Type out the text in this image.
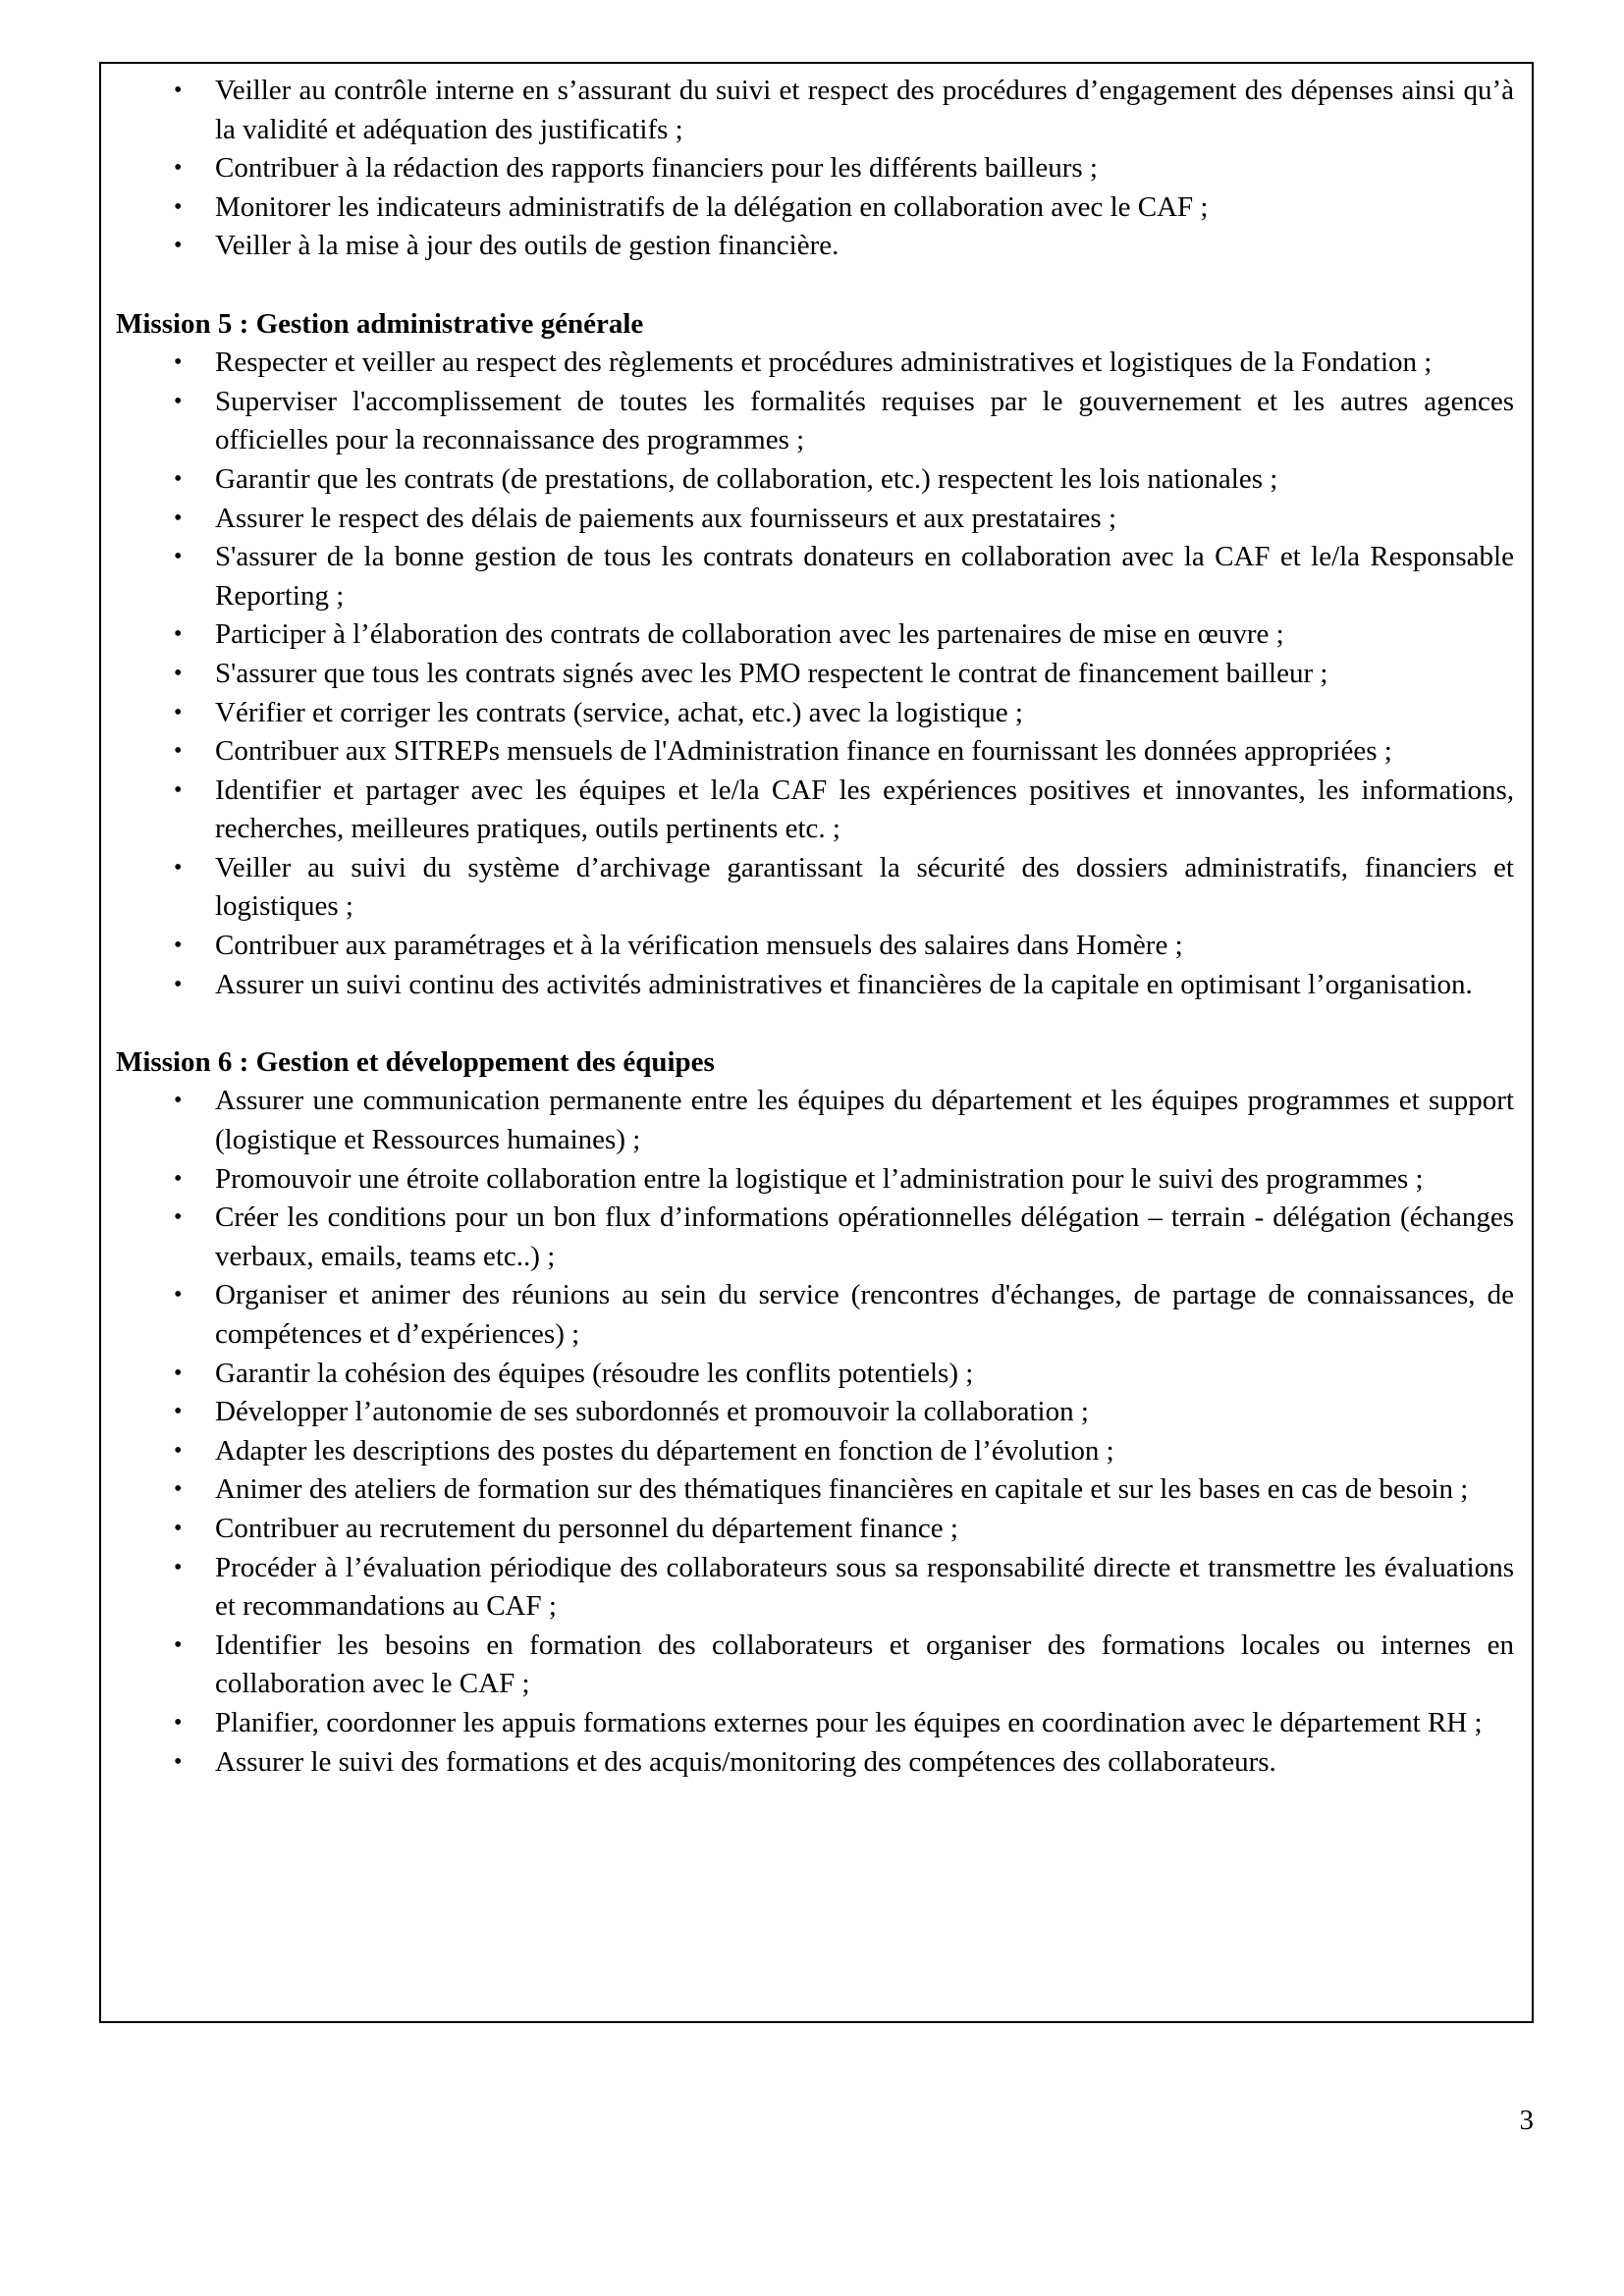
•	Veiller au contrôle interne en s’assurant du suivi et respect des procédures d’engagement des dépenses ainsi qu’à la validité et adéquation des justificatifs ;
•	Contribuer à la rédaction des rapports financiers pour les différents bailleurs ;
•	Monitorer les indicateurs administratifs de la délégation en collaboration avec le CAF ;
•	Veiller à la mise à jour des outils de gestion financière.

Mission 5 : Gestion administrative générale

•	Respecter et veiller au respect des règlements et procédures administratives et logistiques de la Fondation ;
•	Superviser l'accomplissement de toutes les formalités requises par le gouvernement et les autres agences officielles pour la reconnaissance des programmes ;
•	Garantir que les contrats (de prestations, de collaboration, etc.) respectent les lois nationales ;
•	Assurer le respect des délais de paiements aux fournisseurs et aux prestataires ;
•	S'assurer de la bonne gestion de tous les contrats donateurs en collaboration avec la CAF et le/la Responsable Reporting ;
•	Participer à l’élaboration des contrats de collaboration avec les partenaires de mise en œuvre ;
•	S'assurer que tous les contrats signés avec les PMO respectent le contrat de financement bailleur ;
•	Vérifier et corriger les contrats (service, achat, etc.) avec la logistique ;
•	Contribuer aux SITREPs mensuels de l'Administration finance en fournissant les données appropriées ;
•	Identifier et partager avec les équipes et le/la CAF les expériences positives et innovantes, les informations, recherches, meilleures pratiques, outils pertinents etc. ;
•	Veiller au suivi du système d’archivage garantissant la sécurité des dossiers administratifs, financiers et logistiques ;
•	Contribuer aux paramétrages et à la vérification mensuels des salaires dans Homère ;
•	Assurer un suivi continu des activités administratives et financières de la capitale en optimisant l’organisation.

Mission 6 : Gestion et développement des équipes

•	Assurer une communication permanente entre les équipes du département et les équipes programmes et support (logistique et Ressources humaines) ;
•	Promouvoir une étroite collaboration entre la logistique et l’administration pour le suivi des programmes ;
•	Créer les conditions pour un bon flux d’informations opérationnelles délégation – terrain - délégation (échanges verbaux, emails, teams etc..) ;
•	Organiser et animer des réunions au sein du service (rencontres d'échanges, de partage de connaissances, de compétences et d’expériences) ;
•	Garantir la cohésion des équipes (résoudre les conflits potentiels) ;
•	Développer l’autonomie de ses subordonnés et promouvoir la collaboration ;
•	Adapter les descriptions des postes du département en fonction de l’évolution ;
•	Animer des ateliers de formation sur des thématiques financières en capitale et sur les bases en cas de besoin ;
•	Contribuer au recrutement du personnel du département finance ;
•	Procéder à l’évaluation périodique des collaborateurs sous sa responsabilité directe et transmettre les évaluations et recommandations au CAF ;
•	Identifier les besoins en formation des collaborateurs et organiser des formations locales ou internes en collaboration avec le CAF ;
•	Planifier, coordonner les appuis formations externes pour les équipes en coordination avec le département RH ;
•	Assurer le suivi des formations et des acquis/monitoring des compétences des collaborateurs.
3
